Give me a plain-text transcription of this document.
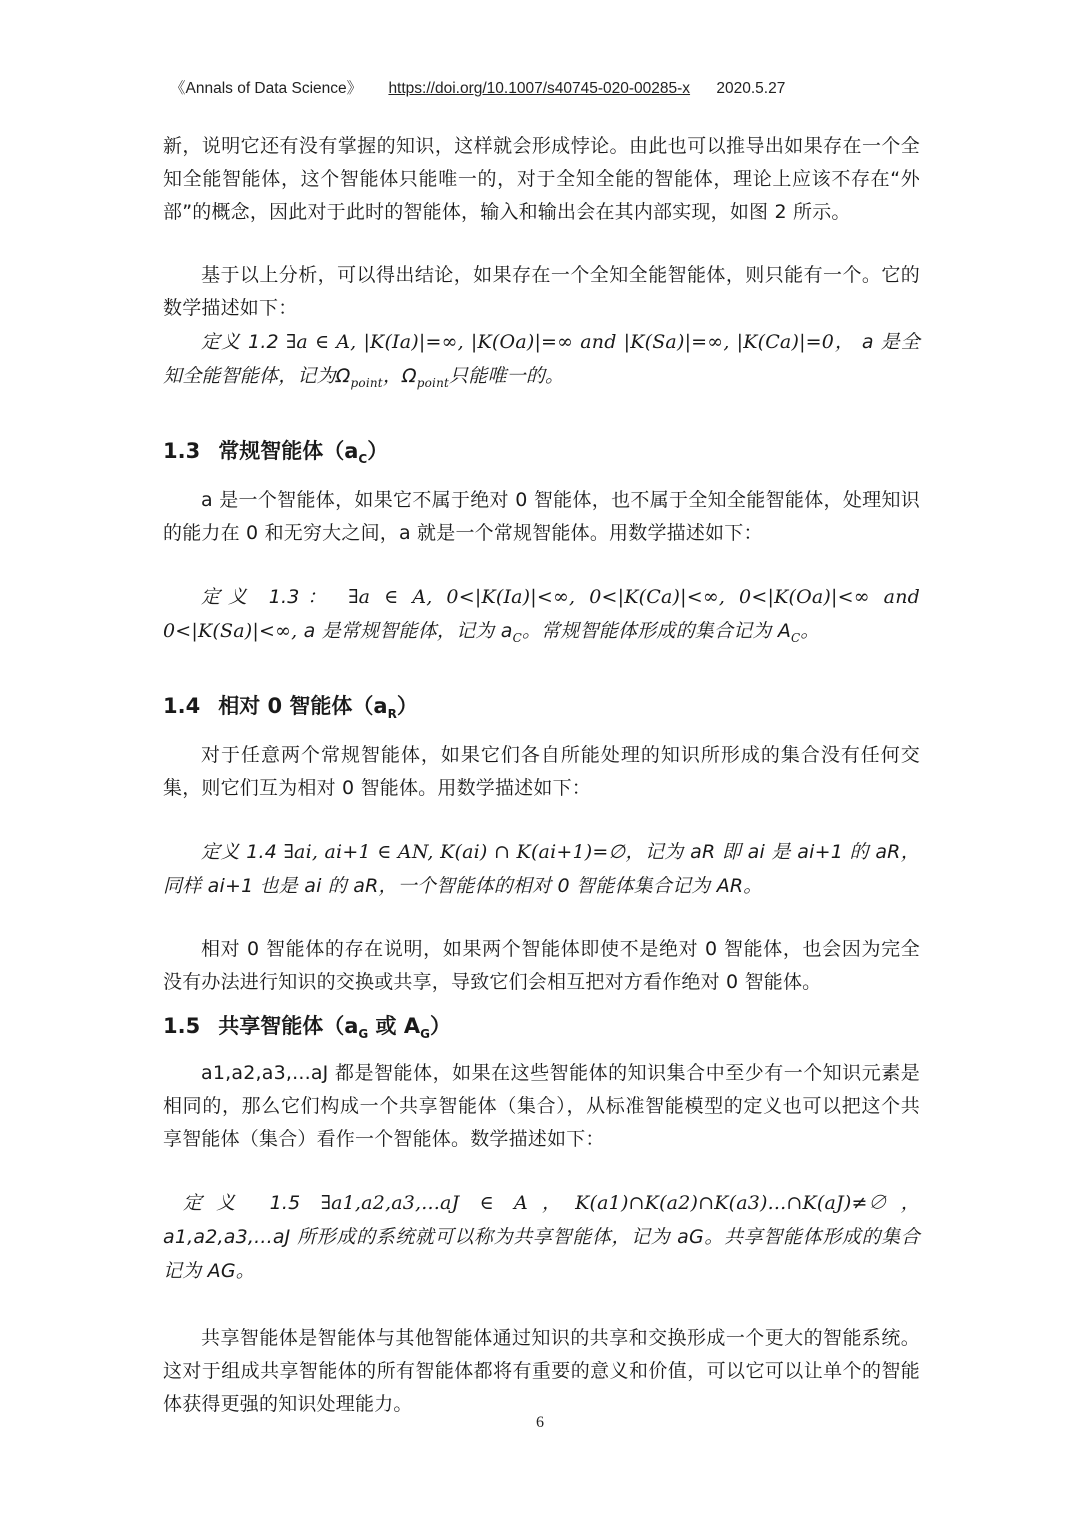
《Annals of Data Science》 https://doi.org/10.1007/s40745-020-00285-x 2020.5.27

新，说明它还有没有掌握的知识，这样就会形成悖论。由此也可以推导出如果存在一个全知全能智能体，这个智能体只能唯一的，对于全知全能的智能体，理论上应该不存在“外部”的概念，因此对于此时的智能体，输入和输出会在其内部实现，如图 2 所示。

基于以上分析，可以得出结论，如果存在一个全知全能智能体，则只能有一个。它的数学描述如下：

定义 1.2 ∃a ∈ A, |K(Ia)|=∞, |K(Oa)|=∞ and |K(Sa)|=∞, |K(Ca)|=0， a 是全知全能智能体，记为$\Omega_{point}$，$\Omega_{point}$只能唯一的。

1.3 常规智能体$(a_C)$

a 是一个智能体，如果它不属于绝对 0 智能体，也不属于全知全能智能体，处理知识的能力在 0 和无穷大之间，a 就是一个常规智能体。用数学描述如下：

定义 1.3： ∃a ∈ A, 0<|K(Ia)|<∞, 0<|K(Ca)|<∞, 0<|K(Oa)|<∞ and 0<|K(Sa)|<∞, a 是常规智能体，记为 $a_C$。常规智能体形成的集合记为 $A_C$。

1.4 相对 0 智能体$(a_R)$

对于任意两个常规智能体，如果它们各自所能处理的知识所形成的集合没有任何交集，则它们互为相对 0 智能体。用数学描述如下：

定义 1.4 ∃ai, ai+1 ∈ AN, K(ai) ∩ K(ai+1)=∅，记为 aR 即 ai 是 ai+1 的 aR，同样 ai+1 也是 ai 的 aR，一个智能体的相对 0 智能体集合记为 AR。

相对 0 智能体的存在说明，如果两个智能体即使不是绝对 0 智能体，也会因为完全没有办法进行知识的交换或共享，导致它们会相互把对方看作绝对 0 智能体。

1.5 共享智能体（$a_G$ 或 $A_G$）

a1,a2,a3,...aJ 都是智能体，如果在这些智能体的知识集合中至少有一个知识元素是相同的，那么它们构成一个共享智能体（集合），从标准智能模型的定义也可以把这个共享智能体（集合）看作一个智能体。数学描述如下：

定义 1.5 ∃a1,a2,a3,...aJ ∈ A，K(a1)∩K(a2)∩K(a3)...∩K(aJ)≠∅，a1,a2,a3,...aJ 所形成的系统就可以称为共享智能体，记为 aG。共享智能体形成的集合记为 AG。

共享智能体是智能体与其他智能体通过知识的共享和交换形成一个更大的智能系统。这对于组成共享智能体的所有智能体都将有重要的意义和价值，可以它可以让单个的智能体获得更强的知识处理能力。

6
